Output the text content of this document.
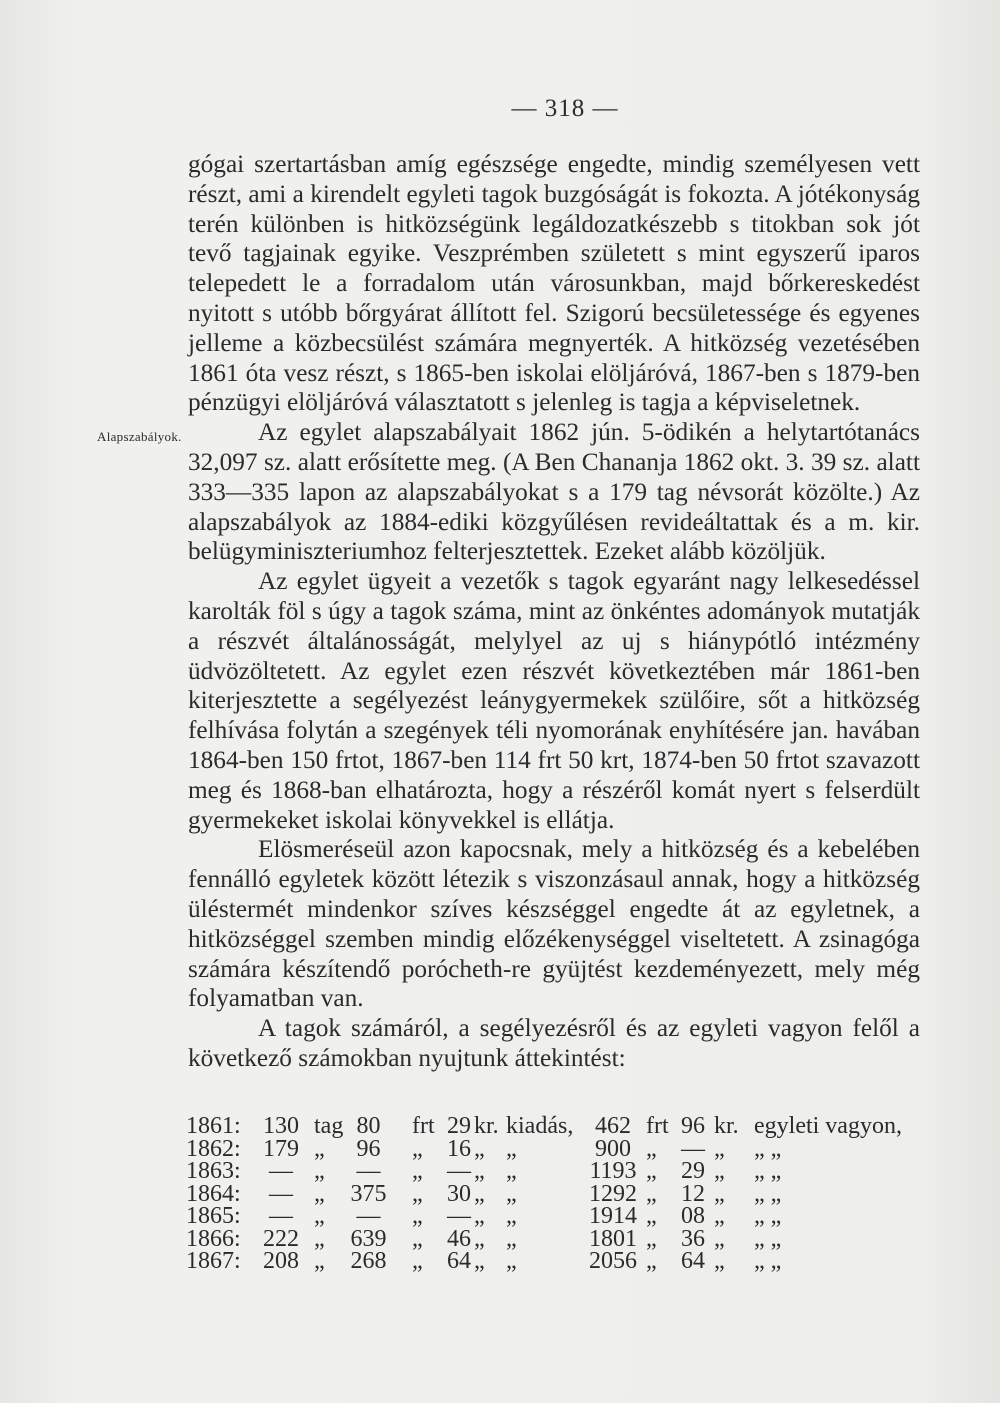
— 318 —
Alapszabályok.

gógai szertartásban amíg egészsége engedte, mindig személyesen vett részt, ami a kirendelt egyleti tagok buzgóságát is fokozta. A jótékonyság terén különben is hitközségünk legáldozatkészebb s titokban sok jót tevő tagjainak egyike. Veszprémben született s mint egyszerű iparos telepedett le a forradalom után városunkban, majd bőrkereskedést nyitott s utóbb bőrgyárat állított fel. Szigorú becsületessége és egyenes jelleme a közbecsülést számára megnyerték. A hitközség vezetésében 1861 óta vesz részt, s 1865-ben iskolai elöljáróvá, 1867-ben s 1879-ben pénzügyi elöljáróvá választatott s jelenleg is tagja a képviseletnek.

Az egylet alapszabályait 1862 jún. 5-ödikén a helytartótanács 32,097 sz. alatt erősítette meg. (A Ben Chananja 1862 okt. 3. 39 sz. alatt 333—335 lapon az alapszabályokat s a 179 tag névsorát közölte.) Az alapszabályok az 1884-ediki közgyűlésen revideáltattak és a m. kir. belügyminiszteriumhoz felterjesztettek. Ezeket alább közöljük.

Az egylet ügyeit a vezetők s tagok egyaránt nagy lelkesedéssel karolták föl s úgy a tagok száma, mint az önkéntes adományok mutatják a részvét általánosságát, melylyel az uj s hiánypótló intézmény üdvözöltetett. Az egylet ezen részvét következtében már 1861-ben kiterjesztette a segélyezést leánygyermekek szülőire, sőt a hitközség felhívása folytán a szegények téli nyomorának enyhítésére jan. havában 1864-ben 150 frtot, 1867-ben 114 frt 50 krt, 1874-ben 50 frtot szavazott meg és 1868-ban elhatározta, hogy a részéről komát nyert s felserdült gyermekeket iskolai könyvekkel is ellátja.

Elösmeréseül azon kapocsnak, mely a hitközség és a kebelében fennálló egyletek között létezik s viszonzásaul annak, hogy a hitközség üléstermét mindenkor szíves készséggel engedte át az egyletnek, a hitközséggel szemben mindig előzékenységgel viseltetett. A zsinagóga számára készítendő porócheth-re gyüjtést kezdeményezett, mely még folyamatban van.

A tagok számáról, a segélyezésről és az egyleti vagyon felől a következő számokban nyujtunk áttekintést:

1861: 130 tag 80	frt 29 kr. kiadás, 462 frt 96 kr. egyleti vagyon,
1862: 179 „	96	„	16 „ „	900 „	— „ „ „
1863:	— „	—	„	— „ „	1193 „	29 „ „ „
1864:	— „	375	„	30 „ „	1292 „	12 „ „ „
1865:	— „	—	„	— „ „	1914 „	08 „ „ „
1866: 222 „	639	„	46 „ „	1801 „	36 „ „ „
1867: 208 „	268	„	64 „ „	2056 „	64 „ „ „
